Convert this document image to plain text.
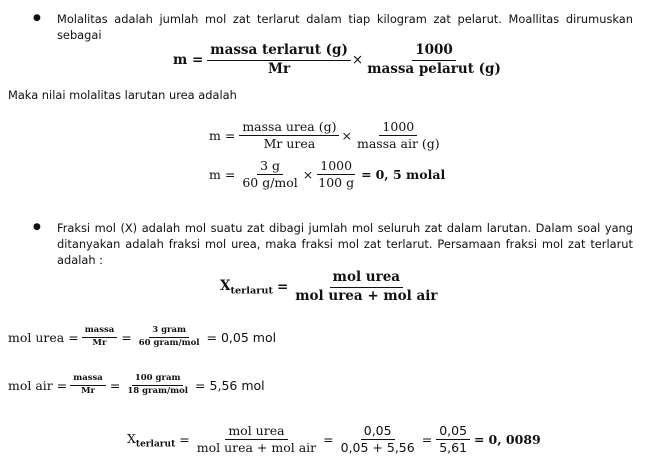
● Molalitas adalah jumlah mol zat terlarut dalam tiap kilogram zat pelarut. Moallitas dirumuskan sebagai
$m = \frac{\text{massa terlarut (g)}}{Mr} \times \frac{1000}{\text{massa pelarut (g)}}$
Maka nilai molalitas larutan urea adalah
$m = \frac{\text{massa urea (g)}}{\text{Mr urea}} \times \frac{1000}{\text{massa air (g)}}$
$m = \frac{3 g}{\text{60 g/mol}} \times \frac{1000}{100 g} = 0$, 5 molal
● Fraksi mol (X) adalah mol suatu zat dibagi jumlah mol seluruh zat dalam larutan. Dalam soal yang ditanyakan adalah fraksi mol urea, maka fraksi mol zat terlarut. Persamaan fraksi mol zat terlarut adalah :
$X_{terlarut} = \frac{\text{mol urea}}{\text{mol urea + mol air}}$
mol urea = $\frac{\text{massa}}{Mr} = \frac{\text{3 gram}}{\text{60 gram/mol}} = 0,05$ mol
mol air = $\frac{\text{massa}}{Mr} = \frac{\text{100 gram}}{\text{18 gram/mol}} = 5,56$ mol
$X_{terlarut} = \frac{\text{mol urea}}{\text{mol urea + mol air}} = \frac{0,05}{0,05 + 5,56} = \frac{0,05}{5,61} = 0$, 0089
